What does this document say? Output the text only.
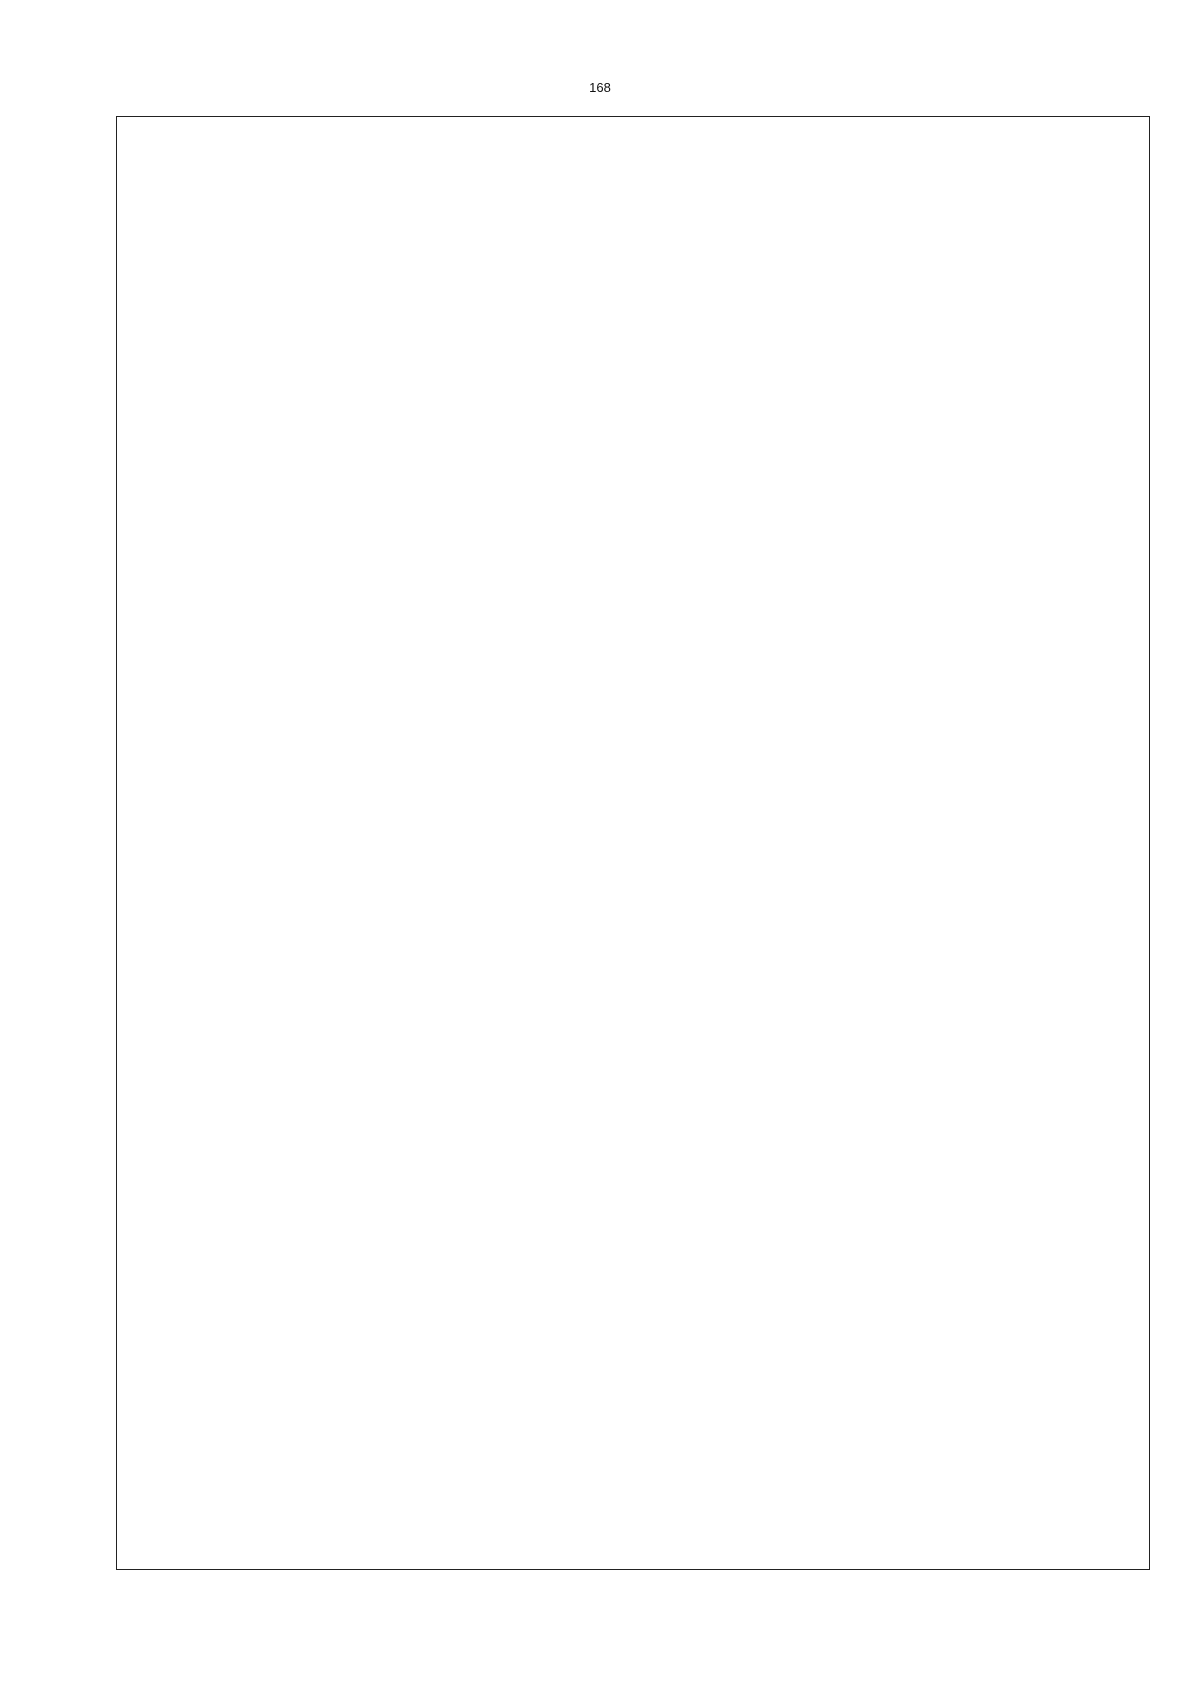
168
